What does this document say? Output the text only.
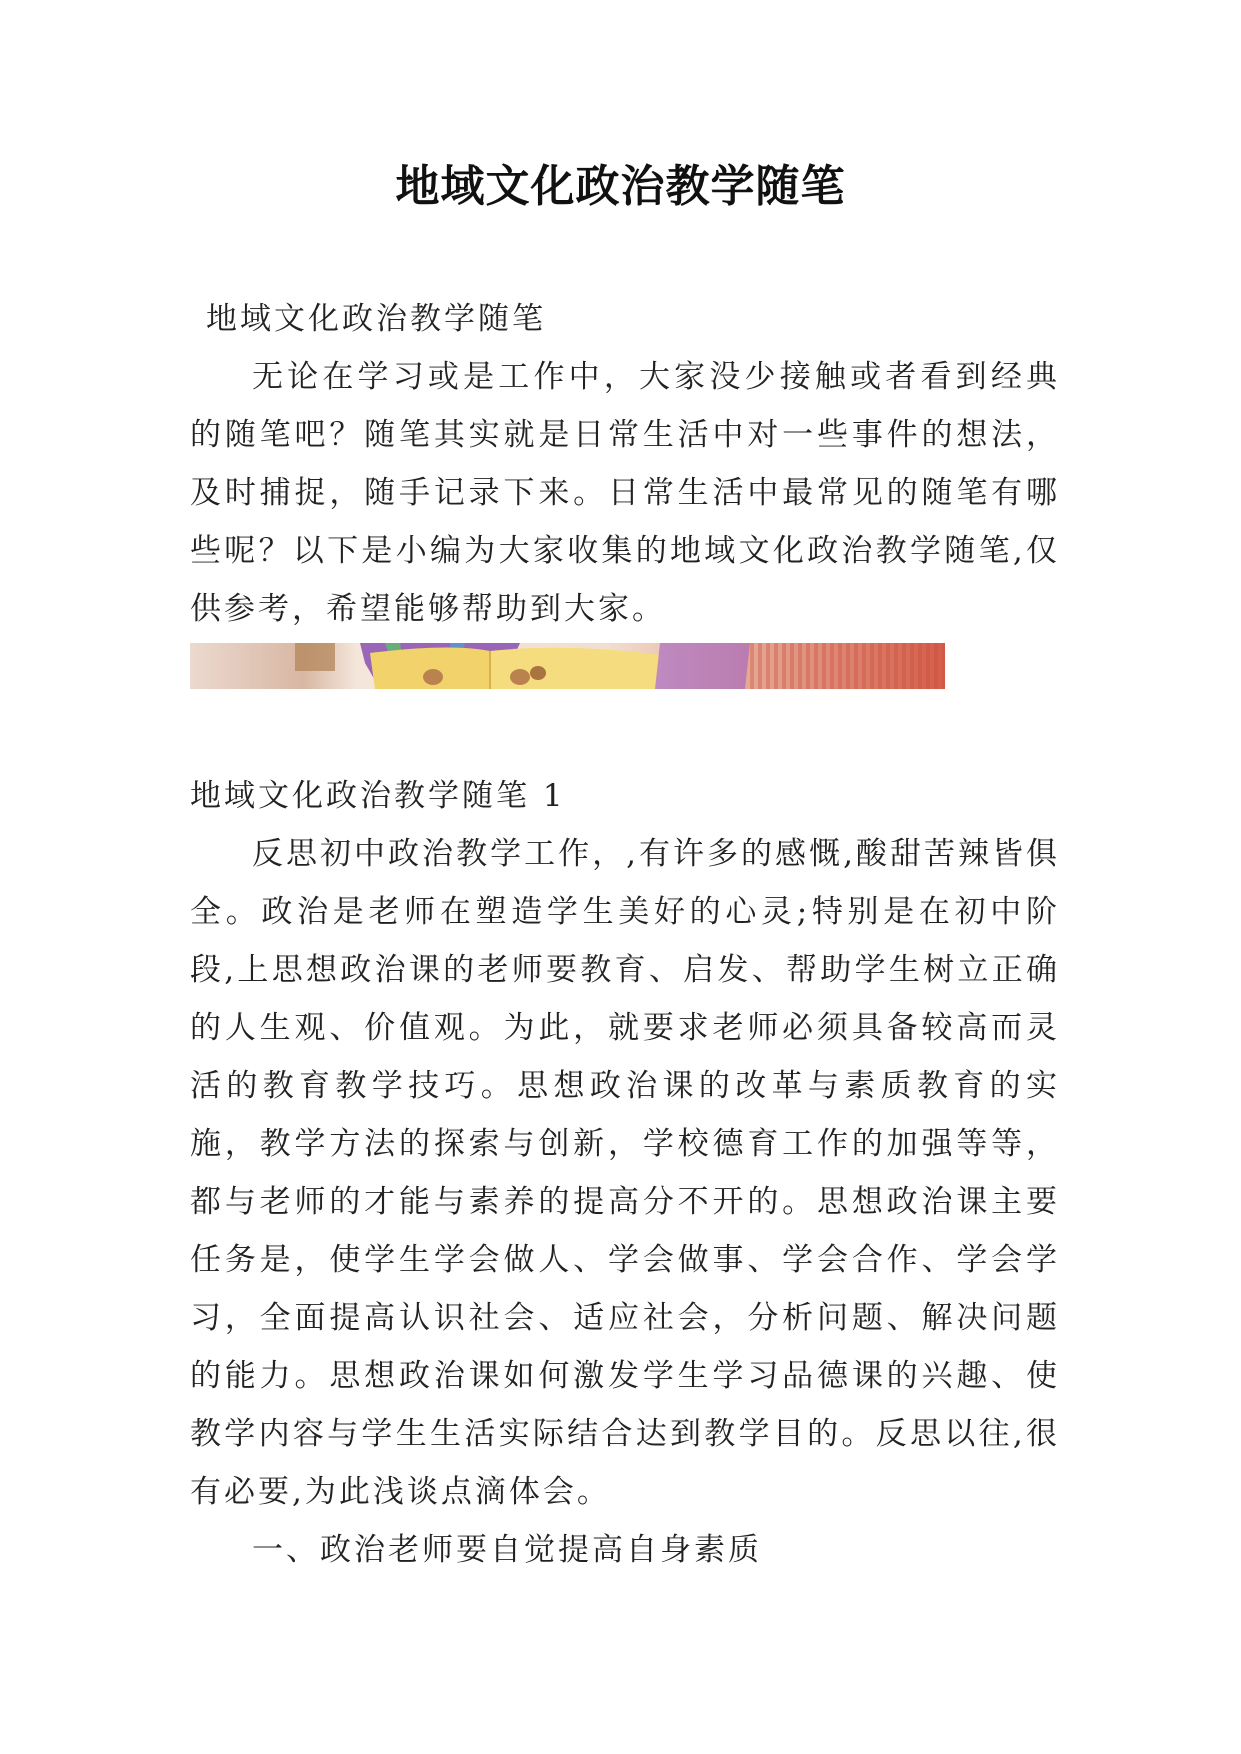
地域文化政治教学随笔

地域文化政治教学随笔

无论在学习或是工作中，大家没少接触或者看到经典的随笔吧？随笔其实就是日常生活中对一些事件的想法，及时捕捉，随手记录下来。日常生活中最常见的随笔有哪些呢？以下是小编为大家收集的地域文化政治教学随笔,仅供参考，希望能够帮助到大家。

地域文化政治教学随笔 1

反思初中政治教学工作，,有许多的感慨,酸甜苦辣皆俱全。政治是老师在塑造学生美好的心灵;特别是在初中阶段,上思想政治课的老师要教育、启发、帮助学生树立正确的人生观、价值观。为此，就要求老师必须具备较高而灵活的教育教学技巧。思想政治课的改革与素质教育的实施，教学方法的探索与创新，学校德育工作的加强等等，都与老师的才能与素养的提高分不开的。思想政治课主要任务是，使学生学会做人、学会做事、学会合作、学会学习，全面提高认识社会、适应社会，分析问题、解决问题的能力。思想政治课如何激发学生学习品德课的兴趣、使教学内容与学生生活实际结合达到教学目的。反思以往,很有必要,为此浅谈点滴体会。

一、政治老师要自觉提高自身素质
